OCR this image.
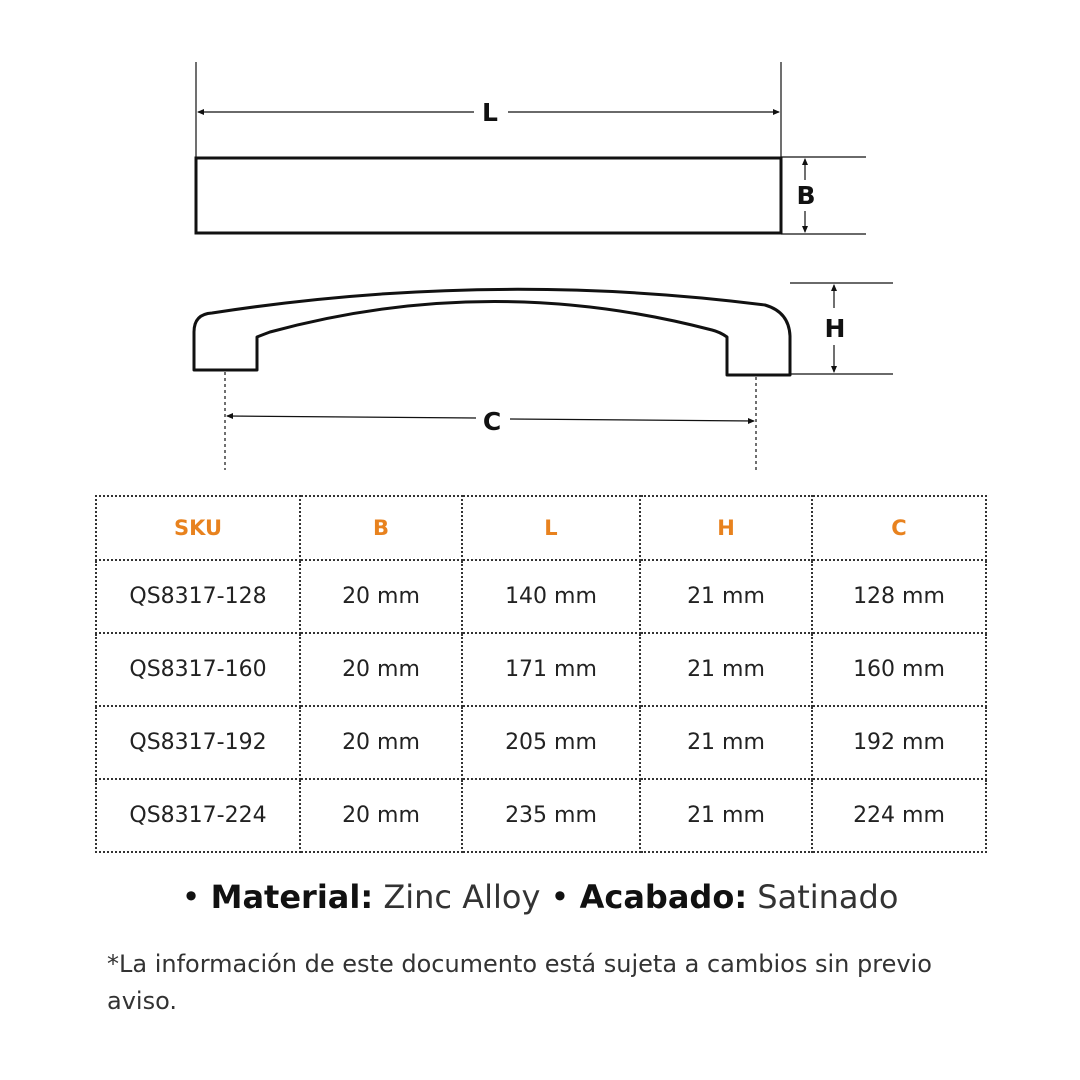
L
B
H
C
SKU	B	L	H	C
QS8317-128	20 mm	140 mm	21 mm	128 mm
QS8317-160	20 mm	171 mm	21 mm	160 mm
QS8317-192	20 mm	205 mm	21 mm	192 mm
QS8317-224	20 mm	235 mm	21 mm	224 mm
• Material: Zinc Alloy • Acabado: Satinado
*La información de este documento está sujeta a cambios sin previo aviso.
